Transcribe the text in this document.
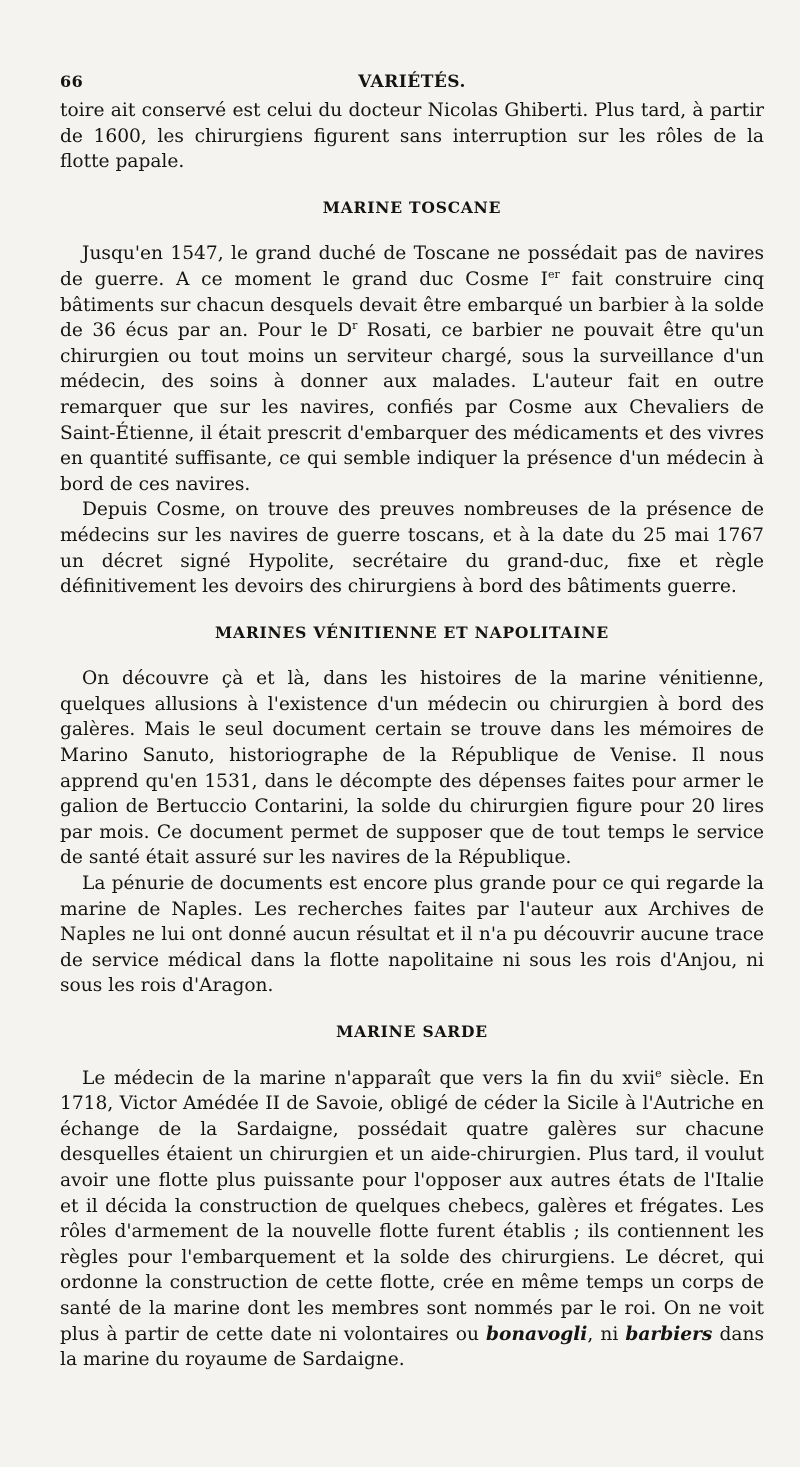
66	VARIÉTÉS.

toire ait conservé est celui du docteur Nicolas Ghiberti. Plus tard, à partir de 1600, les chirurgiens figurent sans interruption sur les rôles de la flotte papale.

MARINE TOSCANE

Jusqu'en 1547, le grand duché de Toscane ne possédait pas de navires de guerre. A ce moment le grand duc Cosme Ier fait construire cinq bâtiments sur chacun desquels devait être embarqué un barbier à la solde de 36 écus par an. Pour le $D^r$ Rosati, ce barbier ne pouvait être qu'un chirurgien ou tout moins un serviteur chargé, sous la surveillance d'un médecin, des soins à donner aux malades. L'auteur fait en outre remarquer que sur les navires, confiés par Cosme aux Chevaliers de Saint-Étienne, il était prescrit d'embarquer des médicaments et des vivres en quantité suffisante, ce qui semble indiquer la présence d'un médecin à bord de ces navires.

Depuis Cosme, on trouve des preuves nombreuses de la présence de médecins sur les navires de guerre toscans, et à la date du 25 mai 1767 un décret signé Hypolite, secrétaire du grand-duc, fixe et règle définitivement les devoirs des chirurgiens à bord des bâtiments guerre.

MARINES VÉNITIENNE ET NAPOLITAINE

On découvre çà et là, dans les histoires de la marine vénitienne, quelques allusions à l'existence d'un médecin ou chirurgien à bord des galères. Mais le seul document certain se trouve dans les mémoires de Marino Sanuto, historiographe de la République de Venise. Il nous apprend qu'en 1531, dans le décompte des dépenses faites pour armer le galion de Bertuccio Contarini, la solde du chirurgien figure pour 20 lires par mois. Ce document permet de supposer que de tout temps le service de santé était assuré sur les navires de la République.

La pénurie de documents est encore plus grande pour ce qui regarde la marine de Naples. Les recherches faites par l'auteur aux Archives de Naples ne lui ont donné aucun résultat et il n'a pu découvrir aucune trace de service médical dans la flotte napolitaine ni sous les rois d'Anjou, ni sous les rois d'Aragon.

MARINE SARDE

Le médecin de la marine n'apparaît que vers la fin du xvii$^e$ siècle. En 1718, Victor Amédée II de Savoie, obligé de céder la Sicile à l'Autriche en échange de la Sardaigne, possédait quatre galères sur chacune desquelles étaient un chirurgien et un aide-chirurgien. Plus tard, il voulut avoir une flotte plus puissante pour l'opposer aux autres états de l'Italie et il décida la construction de quelques chebecs, galères et frégates. Les rôles d'armement de la nouvelle flotte furent établis ; ils contiennent les règles pour l'embarquement et la solde des chirurgiens. Le décret, qui ordonne la construction de cette flotte, crée en même temps un corps de santé de la marine dont les membres sont nommés par le roi. On ne voit plus à partir de cette date ni volontaires ou bonavogli, ni barbiers dans la marine du royaume de Sardaigne.
